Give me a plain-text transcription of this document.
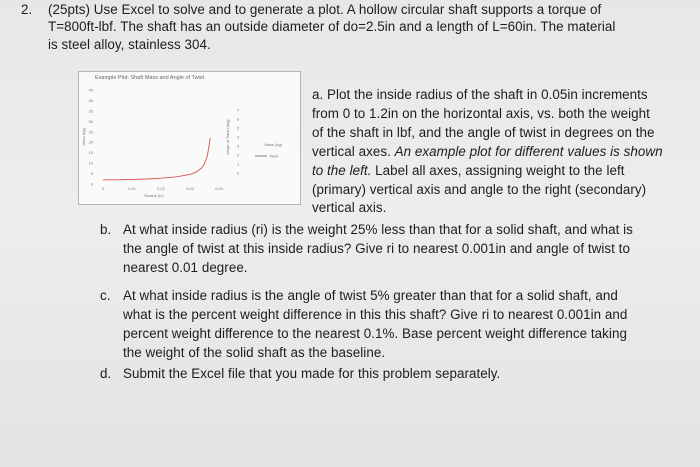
2. (25pts) Use Excel to solve and to generate a plot. A hollow circular shaft supports a torque of
T=800ft-lbf. The shaft has an outside diameter of do=2.5in and a length of L=60in. The material
is steel alloy, stainless 304.
Example Plot: Shaft Mass and Angle of Twist
45
40
35
30
25
20
15
10
5
0
7
6
5
4
3
2
1
0
0	0.01	0.02	0.03	0.04
Radius (in)
Mass (kg)	Angle of Twist (deg)	Mass (kg)
Twist
a. Plot the inside radius of the shaft in 0.05in increments
from 0 to 1.2in on the horizontal axis, vs. both the weight
of the shaft in lbf, and the angle of twist in degrees on the
vertical axes. An example plot for different values is shown
to the left. Label all axes, assigning weight to the left
(primary) vertical axis and angle to the right (secondary)
vertical axis.
b. At what inside radius (ri) is the weight 25% less than that for a solid shaft, and what is
the angle of twist at this inside radius? Give ri to nearest 0.001in and angle of twist to
nearest 0.01 degree.
c. At what inside radius is the angle of twist 5% greater than that for a solid shaft, and
what is the percent weight difference in this this shaft? Give ri to nearest 0.001in and
percent weight difference to the nearest 0.1%. Base percent weight difference taking
the weight of the solid shaft as the baseline.
d. Submit the Excel file that you made for this problem separately.
